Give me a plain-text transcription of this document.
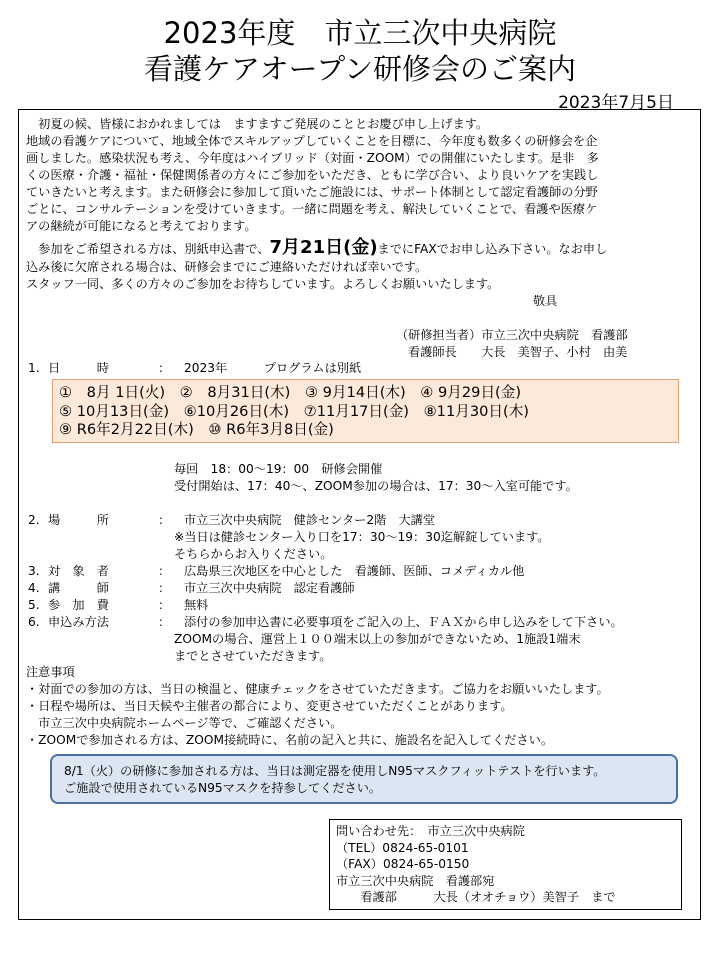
2023年度　市立三次中央病院
看護ケアオープン研修会のご案内
2023年7月5日
　初夏の候、皆様におかれましては　ますますご発展のこととお慶び申し上げます。
地域の看護ケアについて、地域全体でスキルアップしていくことを目標に、今年度も数多くの研修会を企
画しました。感染状況も考え、今年度はハイブリッド（対面・ZOOM）での開催にいたします。是非　多
くの医療・介護・福祉・保健関係者の方々にご参加をいただき、ともに学び合い、より良いケアを実践し
ていきたいと考えます。また研修会に参加して頂いたご施設には、サポート体制として認定看護師の分野
ごとに、コンサルテーションを受けていきます。一緒に問題を考え、解決していくことで、看護や医療ケ
アの継続が可能になると考えております。
　参加をご希望される方は、別紙申込書で、7月21日(金)までにFAXでお申し込み下さい。なお申し
込み後に欠席される場合は、研修会までにご連絡いただければ幸いです。
スタッフ一同、多くの方々のご参加をお待ちしています。よろしくお願いいたします。
敬具
（研修担当者）市立三次中央病院　看護部
看護師長　　大長　美智子、小村　由美
1. 日　　　時	： 2023年　　　プログラムは別紙
①　8月 1日(火)　②　8月31日(木)　③ 9月14日(木)　④ 9月29日(金)
⑤ 10月13日(金)　⑥10月26日(木)　⑦11月17日(金)　⑧11月30日(木)
⑨ R6年2月22日(木)　⑩ R6年3月8日(金)
毎回　18：00～19：00　研修会開催
受付開始は、17：40～、ZOOM参加の場合は、17：30～入室可能です。
2. 場　　　所	： 市立三次中央病院　健診センター2階　大講堂
※当日は健診センター入り口を17：30～19：30迄解錠しています。
そちらからお入りください。
3. 対　象　者	： 広島県三次地区を中心とした　看護師、医師、コメディカル他
4. 講　　　師	： 市立三次中央病院　認定看護師
5. 参　加　費	： 無料
6. 申込み方法	： 添付の参加申込書に必要事項をご記入の上、ＦＡＸから申し込みをして下さい。
ZOOMの場合、運営上１００端末以上の参加ができないため、1施設1端末
までとさせていただきます。
注意事項
・対面での参加の方は、当日の検温と、健康チェックをさせていただきます。ご協力をお願いいたします。
・日程や場所は、当日天候や主催者の都合により、変更させていただくことがあります。
　市立三次中央病院ホームページ等で、ご確認ください。
・ZOOMで参加される方は、ZOOM接続時に、名前の記入と共に、施設名を記入してください。
8/1（火）の研修に参加される方は、当日は測定器を使用しN95マスクフィットテストを行います。
ご施設で使用されているN95マスクを持参してください。
問い合わせ先：　市立三次中央病院
（TEL）0824-65-0101
（FAX）0824-65-0150
市立三次中央病院　看護部宛
　　看護部　　　大長（オオチョウ）美智子　まで
